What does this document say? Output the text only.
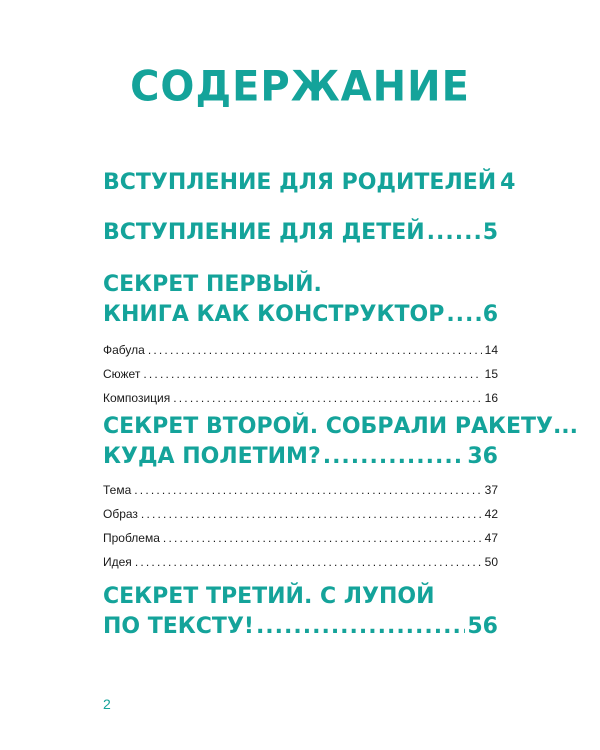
СОДЕРЖАНИЕ
ВСТУПЛЕНИЕ ДЛЯ РОДИТЕЛЕЙ 4
ВСТУПЛЕНИЕ ДЛЯ ДЕТЕЙ .....	5
СЕКРЕТ ПЕРВЫЙ.
КНИГА КАК КОНСТРУКТОР ..... 6
Фабула .....	14
Сюжет .....	15
Композиция .....	16
СЕКРЕТ ВТОРОЙ. СОБРАЛИ РАКЕТУ...
КУДА ПОЛЕТИМ? .....	36
Тема .....	37
Образ .....	42
Проблема .....	47
Идея .....	50
СЕКРЕТ ТРЕТИЙ. С ЛУПОЙ
ПО ТЕКСТУ! .....	56
2
